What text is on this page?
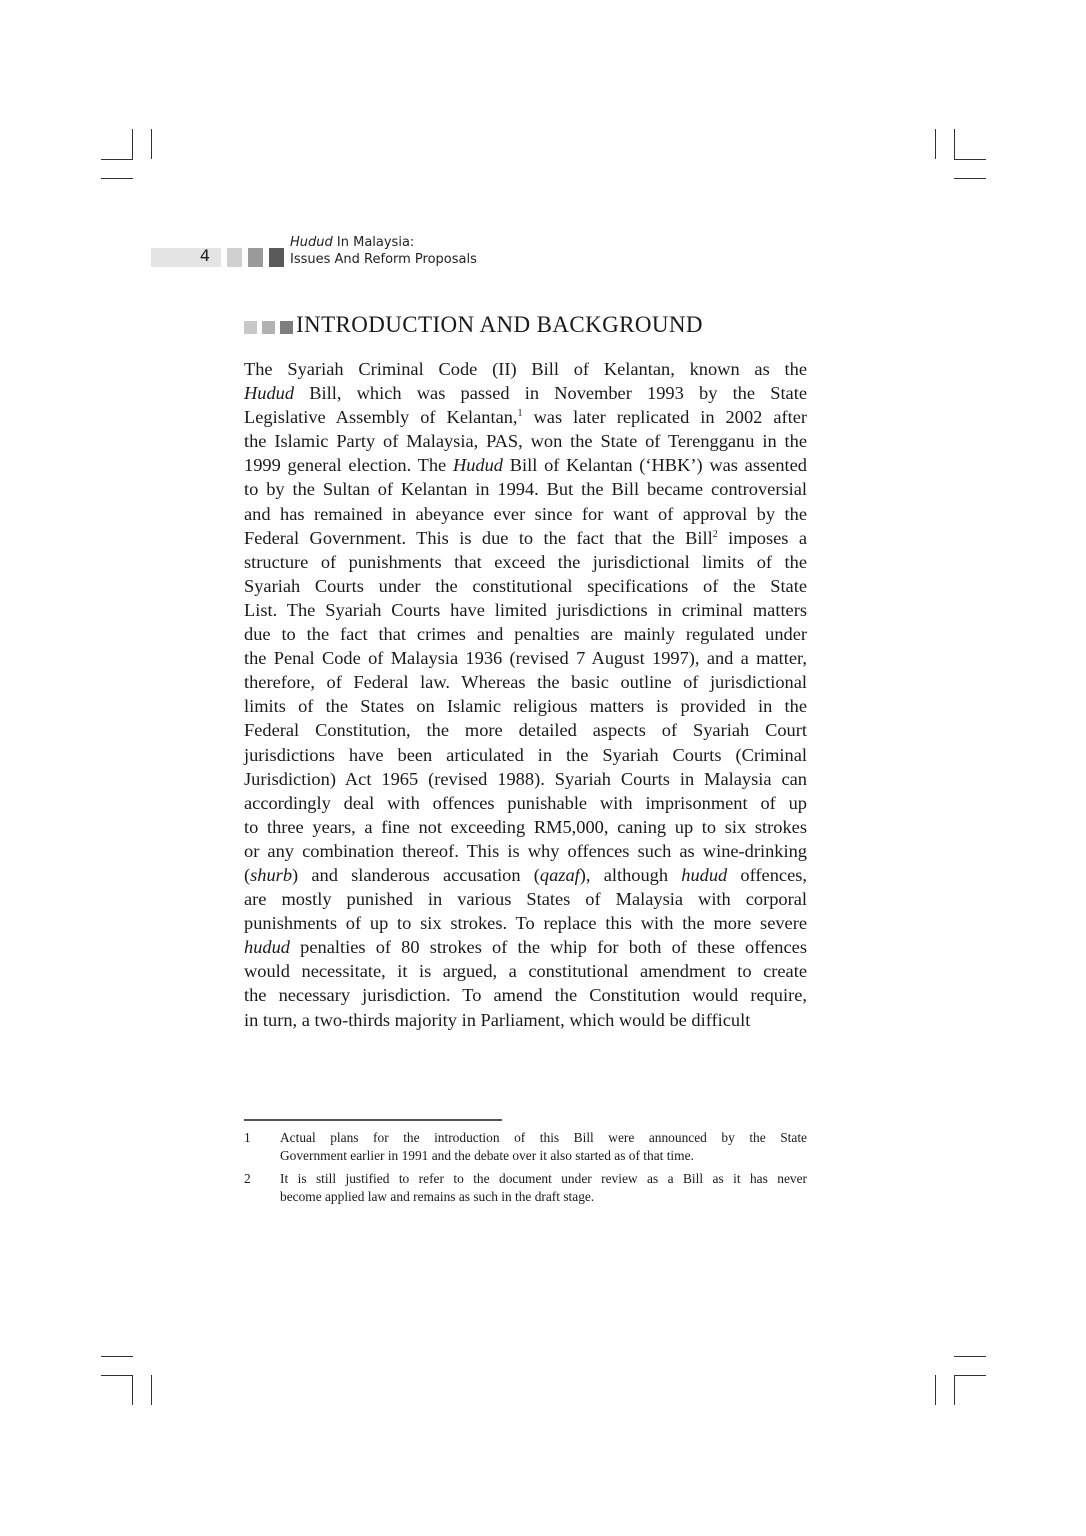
4
Hudud In Malaysia:
Issues And Reform Proposals
INTRODUCTION AND BACKGROUND

The Syariah Criminal Code (II) Bill of Kelantan, known as the
Hudud Bill, which was passed in November 1993 by the State
Legislative Assembly of Kelantan,$^1$ was later replicated in 2002 after
the Islamic Party of Malaysia, PAS, won the State of Terengganu in the
1999 general election. The Hudud Bill of Kelantan (‘HBK’) was assented
to by the Sultan of Kelantan in 1994. But the Bill became controversial
and has remained in abeyance ever since for want of approval by the
Federal Government. This is due to the fact that the Bill$^2$ imposes a
structure of punishments that exceed the jurisdictional limits of the
Syariah Courts under the constitutional specifications of the State
List. The Syariah Courts have limited jurisdictions in criminal matters
due to the fact that crimes and penalties are mainly regulated under
the Penal Code of Malaysia 1936 (revised 7 August 1997), and a matter,
therefore, of Federal law. Whereas the basic outline of jurisdictional
limits of the States on Islamic religious matters is provided in the
Federal Constitution, the more detailed aspects of Syariah Court
jurisdictions have been articulated in the Syariah Courts (Criminal
Jurisdiction) Act 1965 (revised 1988). Syariah Courts in Malaysia can
accordingly deal with offences punishable with imprisonment of up
to three years, a fine not exceeding RM5,000, caning up to six strokes
or any combination thereof. This is why offences such as wine-drinking
(shurb) and slanderous accusation (qazaf), although hudud offences,
are mostly punished in various States of Malaysia with corporal
punishments of up to six strokes. To replace this with the more severe
hudud penalties of 80 strokes of the whip for both of these offences
would necessitate, it is argued, a constitutional amendment to create
the necessary jurisdiction. To amend the Constitution would require,
in turn, a two-thirds majority in Parliament, which would be difficult

1 Actual plans for the introduction of this Bill were announced by the State
Government earlier in 1991 and the debate over it also started as of that time.
2 It is still justified to refer to the document under review as a Bill as it has never
become applied law and remains as such in the draft stage.
